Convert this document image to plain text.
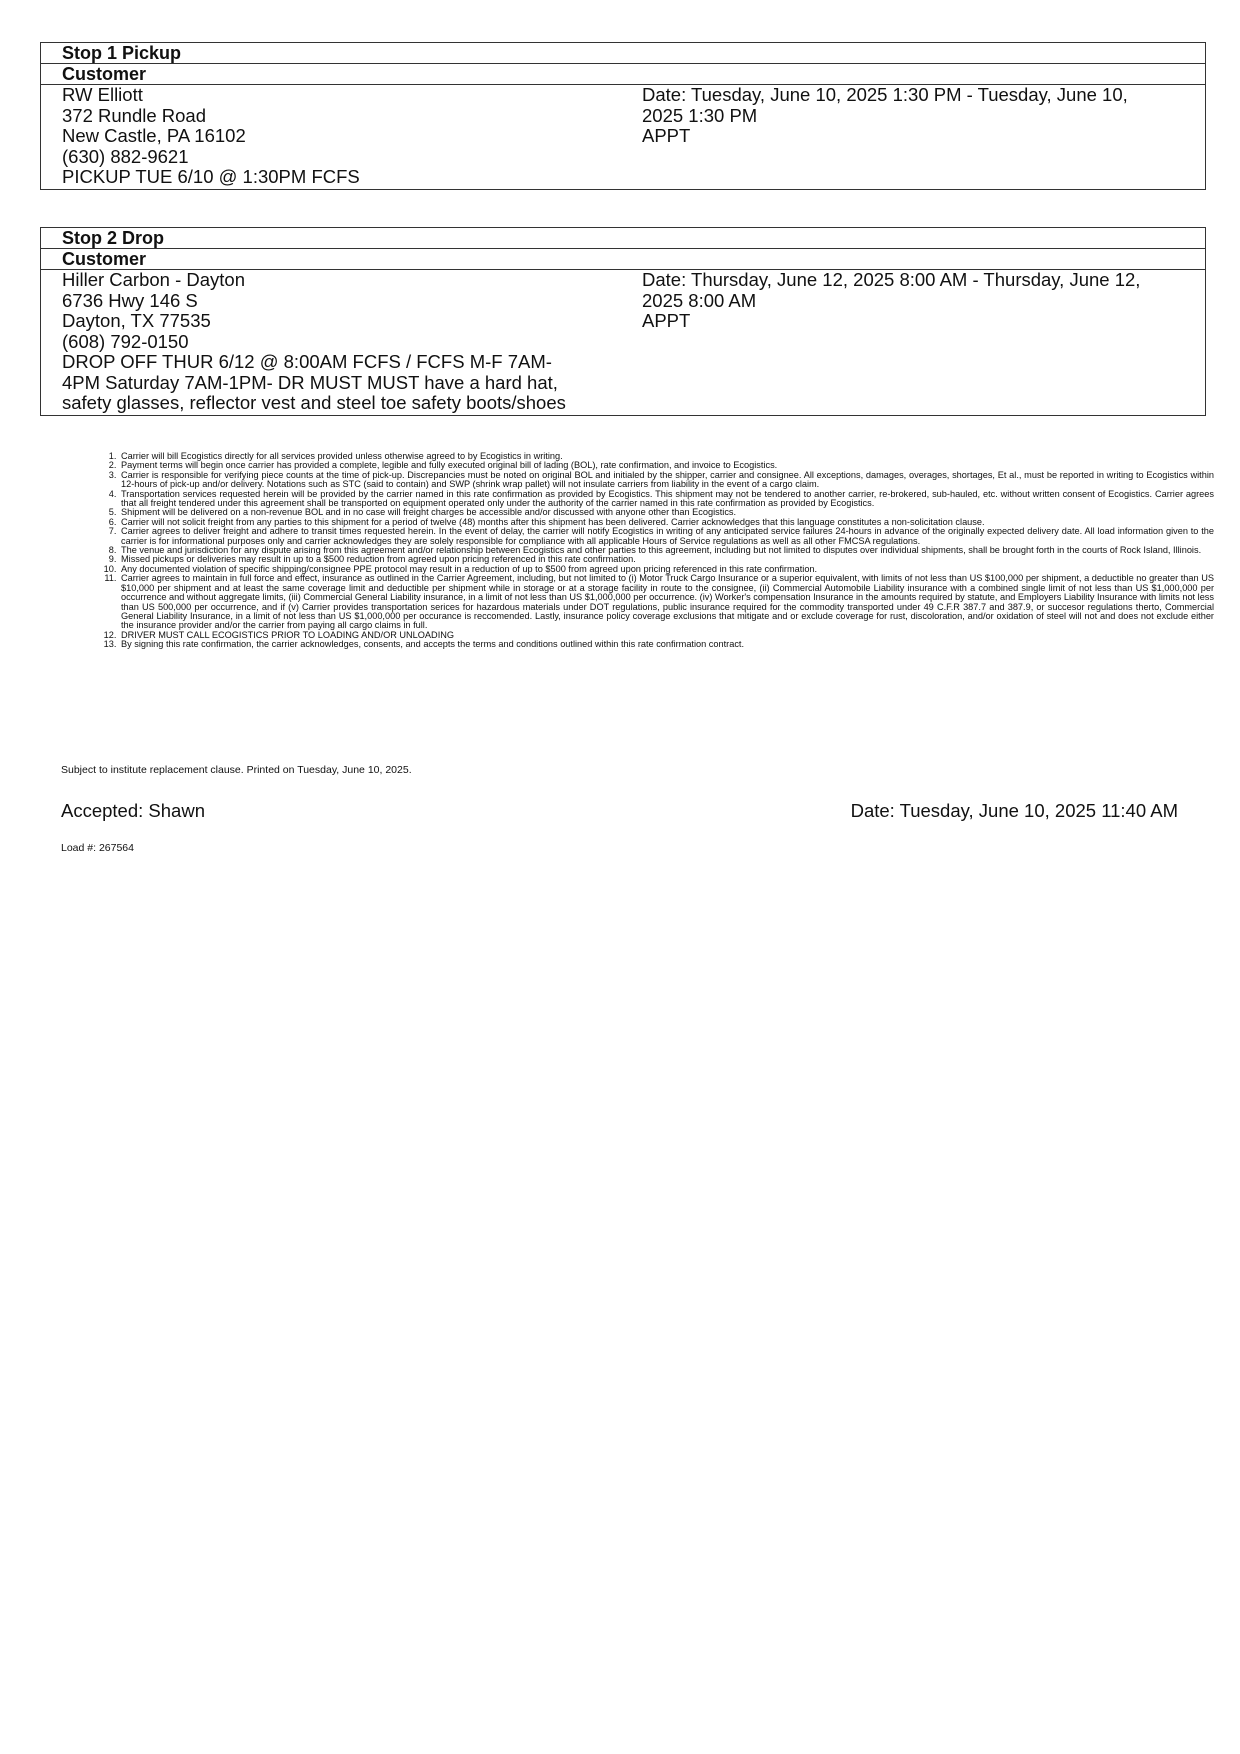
Stop 1 Pickup
Customer
RW Elliott
372 Rundle Road
New Castle, PA 16102
(630) 882-9621
PICKUP TUE 6/10 @ 1:30PM FCFS
Date: Tuesday, June 10, 2025 1:30 PM - Tuesday, June 10,
2025 1:30 PM
APPT
Stop 2 Drop
Customer
Hiller Carbon - Dayton
6736 Hwy 146 S
Dayton, TX 77535
(608) 792-0150
DROP OFF THUR 6/12 @ 8:00AM FCFS / FCFS M-F 7AM-
4PM Saturday 7AM-1PM- DR MUST MUST have a hard hat,
safety glasses, reflector vest and steel toe safety boots/shoes
Date: Thursday, June 12, 2025 8:00 AM - Thursday, June 12,
2025 8:00 AM
APPT
1. Carrier will bill Ecogistics directly for all services provided unless otherwise agreed to by Ecogistics in writing.
2. Payment terms will begin once carrier has provided a complete, legible and fully executed original bill of lading (BOL), rate confirmation, and invoice to Ecogistics.
3. Carrier is responsible for verifying piece counts at the time of pick-up. Discrepancies must be noted on original BOL and initialed by the shipper, carrier and consignee. All exceptions, damages, overages, shortages, Et al., must be reported in writing to Ecogistics within 12-hours of pick-up and/or delivery. Notations such as STC (said to contain) and SWP (shrink wrap pallet) will not insulate carriers from liability in the event of a cargo claim.
4. Transportation services requested herein will be provided by the carrier named in this rate confirmation as provided by Ecogistics. This shipment may not be tendered to another carrier, re-brokered, sub-hauled, etc. without written consent of Ecogistics. Carrier agrees that all freight tendered under this agreement shall be transported on equipment operated only under the authority of the carrier named in this rate confirmation as provided by Ecogistics.
5. Shipment will be delivered on a non-revenue BOL and in no case will freight charges be accessible and/or discussed with anyone other than Ecogistics.
6. Carrier will not solicit freight from any parties to this shipment for a period of twelve (48) months after this shipment has been delivered. Carrier acknowledges that this language constitutes a non-solicitation clause.
7. Carrier agrees to deliver freight and adhere to transit times requested herein. In the event of delay, the carrier will notify Ecogistics in writing of any anticipated service failures 24-hours in advance of the originally expected delivery date. All load information given to the carrier is for informational purposes only and carrier acknowledges they are solely responsible for compliance with all applicable Hours of Service regulations as well as all other FMCSA regulations.
8. The venue and jurisdiction for any dispute arising from this agreement and/or relationship between Ecogistics and other parties to this agreement, including but not limited to disputes over individual shipments, shall be brought forth in the courts of Rock Island, Illinois.
9. Missed pickups or deliveries may result in up to a $500 reduction from agreed upon pricing referenced in this rate confirmation.
10. Any documented violation of specific shipping/consignee PPE protocol may result in a reduction of up to $500 from agreed upon pricing referenced in this rate confirmation.
11. Carrier agrees to maintain in full force and effect, insurance as outlined in the Carrier Agreement, including, but not limited to (i) Motor Truck Cargo Insurance or a superior equivalent, with limits of not less than US $100,000 per shipment, a deductible no greater than US $10,000 per shipment and at least the same coverage limit and deductible per shipment while in storage or at a storage facility in route to the consignee, (ii) Commercial Automobile Liability insurance with a combined single limit of not less than US $1,000,000 per occurrence and without aggregate limits, (iii) Commercial General Liability insurance, in a limit of not less than US $1,000,000 per occurrence. (iv) Worker's compensation Insurance in the amounts required by statute, and Employers Liability Insurance with limits not less than US 500,000 per occurrence, and if (v) Carrier provides transportation serices for hazardous materials under DOT regulations, public insurance required for the commodity transported under 49 C.F.R 387.7 and 387.9, or succesor regulations therto, Commercial General Liability Insurance, in a limit of not less than US $1,000,000 per occurance is reccomended. Lastly, insurance policy coverage exclusions that mitigate and or exclude coverage for rust, discoloration, and/or oxidation of steel will not and does not exclude either the insurance provider and/or the carrier from paying all cargo claims in full.
12. DRIVER MUST CALL ECOGISTICS PRIOR TO LOADING AND/OR UNLOADING
13. By signing this rate confirmation, the carrier acknowledges, consents, and accepts the terms and conditions outlined within this rate confirmation contract.
Subject to institute replacement clause. Printed on Tuesday, June 10, 2025.
Accepted: Shawn	Date: Tuesday, June 10, 2025 11:40 AM
Load #: 267564
